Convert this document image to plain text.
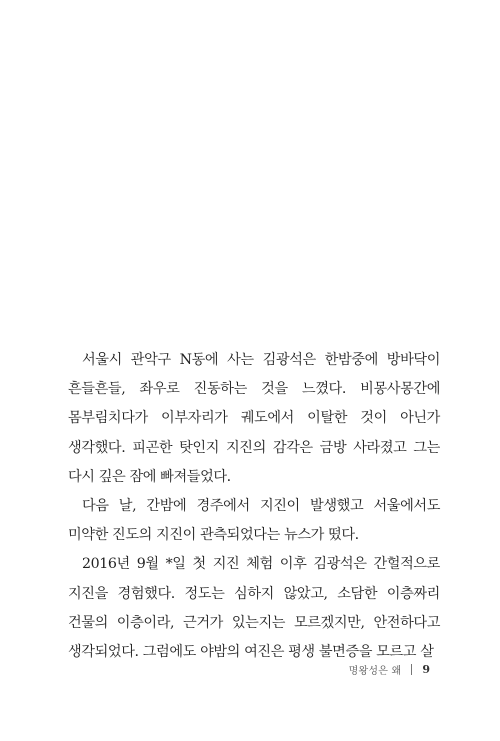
서울시 관악구 N동에 사는 김광석은 한밤중에 방바닥이 흔들흔들, 좌우로 진동하는 것을 느꼈다. 비몽사몽간에 몸부림치다가 이부자리가 궤도에서 이탈한 것이 아닌가 생각했다. 피곤한 탓인지 지진의 감각은 금방 사라졌고 그는 다시 깊은 잠에 빠져들었다.

다음 날, 간밤에 경주에서 지진이 발생했고 서울에서도 미약한 진도의 지진이 관측되었다는 뉴스가 떴다.

2016년 9월 *일 첫 지진 체험 이후 김광석은 간헐적으로 지진을 경험했다. 정도는 심하지 않았고, 소담한 이층짜리 건물의 이층이라, 근거가 있는지는 모르겠지만, 안전하다고 생각되었다. 그럼에도 야밤의 여진은 평생 불면증을 모르고 살

명왕성은 왜 9
